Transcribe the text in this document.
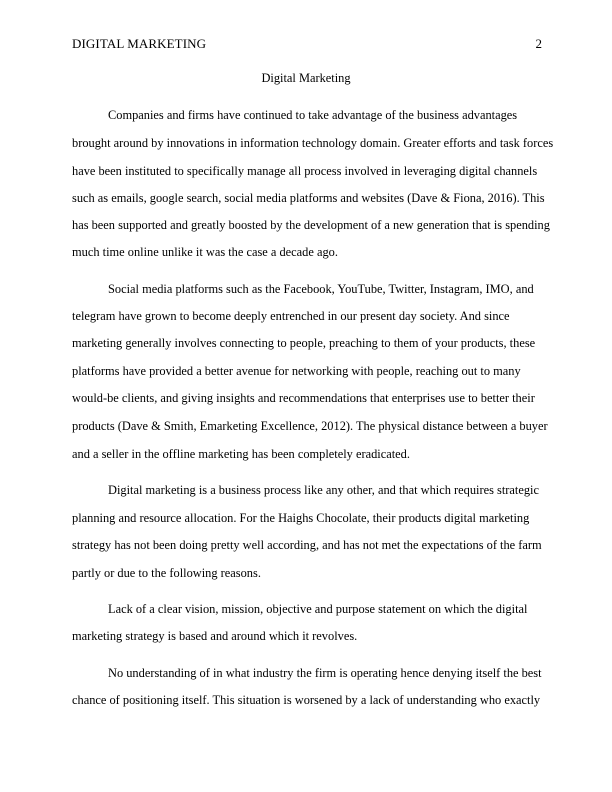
DIGITAL MARKETING	2
Digital Marketing
Companies and firms have continued to take advantage of the business advantages
brought around by innovations in information technology domain. Greater efforts and task forces
have been instituted to specifically manage all process involved in leveraging digital channels
such as emails, google search, social media platforms and websites (Dave & Fiona, 2016). This
has been supported and greatly boosted by the development of a new generation that is spending
much time online unlike it was the case a decade ago.
Social media platforms such as the Facebook, YouTube, Twitter, Instagram, IMO, and
telegram have grown to become deeply entrenched in our present day society. And since
marketing generally involves connecting to people, preaching to them of your products, these
platforms have provided a better avenue for networking with people, reaching out to many
would-be clients, and giving insights and recommendations that enterprises use to better their
products (Dave & Smith, Emarketing Excellence, 2012). The physical distance between a buyer
and a seller in the offline marketing has been completely eradicated.
Digital marketing is a business process like any other, and that which requires strategic
planning and resource allocation. For the Haighs Chocolate, their products digital marketing
strategy has not been doing pretty well according, and has not met the expectations of the farm
partly or due to the following reasons.
Lack of a clear vision, mission, objective and purpose statement on which the digital
marketing strategy is based and around which it revolves.
No understanding of in what industry the firm is operating hence denying itself the best
chance of positioning itself. This situation is worsened by a lack of understanding who exactly
